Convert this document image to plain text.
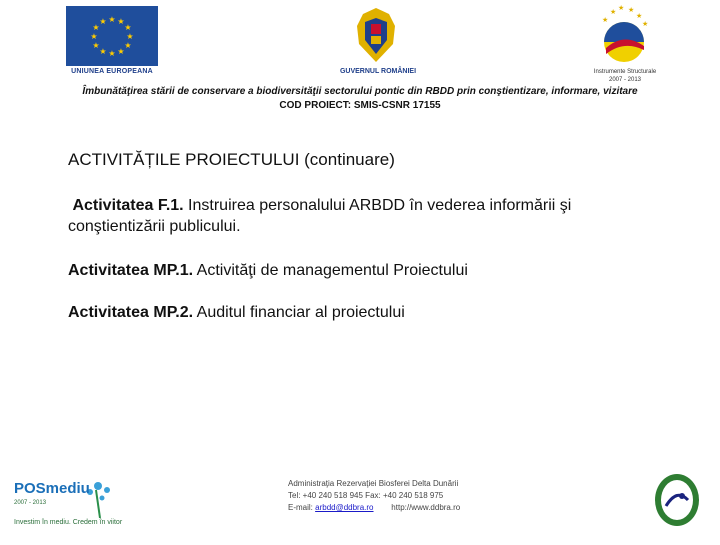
★ ★
★
★
★
★
★
★
★
★
★
★
UNIUNEA EUROPEANA	GUVERNUL ROMÂNIEI
★ ★
★	★
★	★
Instrumente Structurale 2007 - 2013
Îmbunătăţirea stării de conservare a biodiversităţii sectorului pontic din RBDD prin conştientizare, informare, vizitare
COD PROIECT: SMIS-CSNR 17155
ACTIVITĂȚILE PROIECTULUI (continuare)
Activitatea F.1. Instruirea personalului ARBDD în vederea informării şi conştientizării publicului.
Activitatea MP.1. Activităţi de managementul Proiectului
Activitatea MP.2. Auditul financiar al proiectului
POSmediu
2007 - 2013
Investim în mediu. Credem în viitor
Administraţia Rezervaţiei Biosferei Delta Dunării
Tel: +40 240 518 945 Fax: +40 240 518 975
E-mail: arbdd@ddbra.ro http://www.ddbra.ro
